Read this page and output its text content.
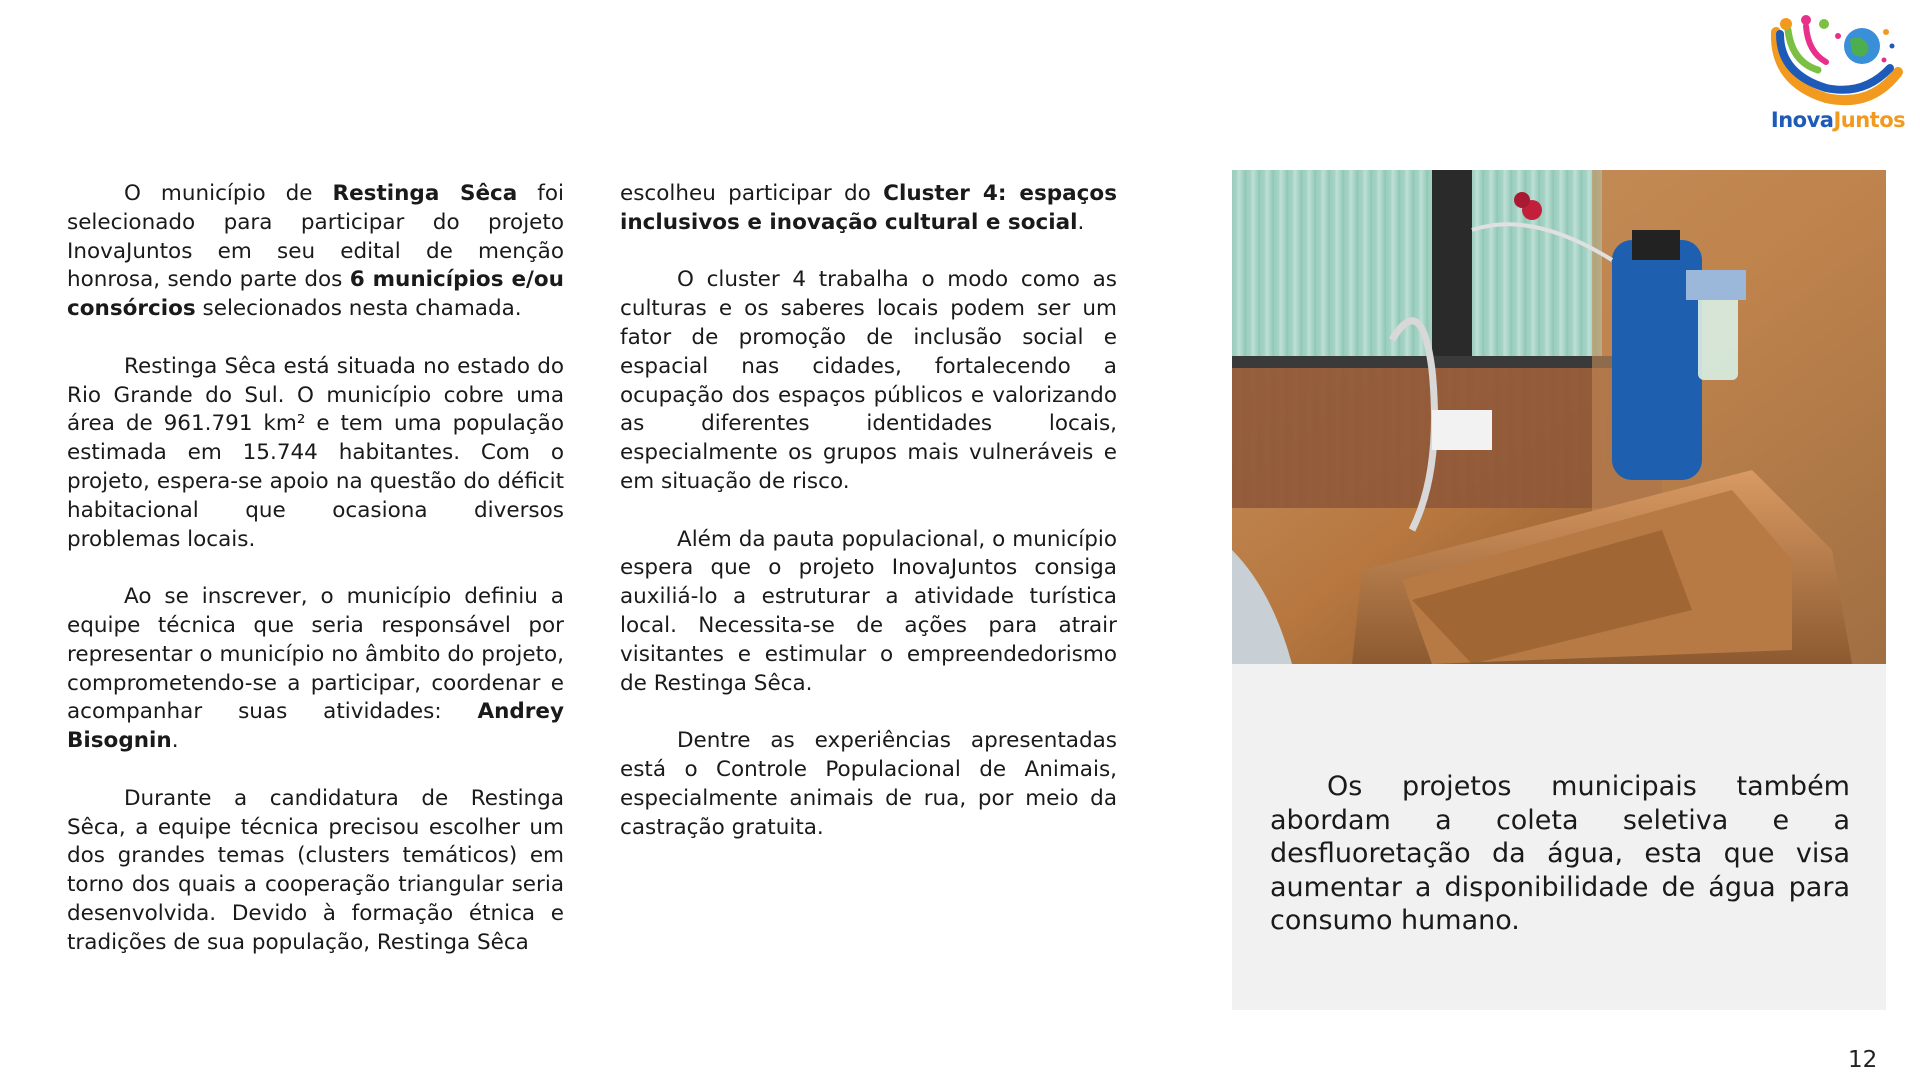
InovaJuntos

O município de Restinga Sêca foi selecionado para participar do projeto InovaJuntos em seu edital de menção honrosa, sendo parte dos 6 municípios e/ou consórcios selecionados nesta chamada.

Restinga Sêca está situada no estado do Rio Grande do Sul. O município cobre uma área de 961.791 km² e tem uma população estimada em 15.744 habitantes. Com o projeto, espera-se apoio na questão do déficit habitacional que ocasiona diversos problemas locais.

Ao se inscrever, o município definiu a equipe técnica que seria responsável por representar o município no âmbito do projeto, comprometendo-se a participar, coordenar e acompanhar suas atividades: Andrey Bisognin.

Durante a candidatura de Restinga Sêca, a equipe técnica precisou escolher um dos grandes temas (clusters temáticos) em torno dos quais a cooperação triangular seria desenvolvida. Devido à formação étnica e tradições de sua população, Restinga Sêca

escolheu participar do Cluster 4: espaços inclusivos e inovação cultural e social.

O cluster 4 trabalha o modo como as culturas e os saberes locais podem ser um fator de promoção de inclusão social e espacial nas cidades, fortalecendo a ocupação dos espaços públicos e valorizando as diferentes identidades locais, especialmente os grupos mais vulneráveis e em situação de risco.

Além da pauta populacional, o município espera que o projeto InovaJuntos consiga auxiliá-lo a estruturar a atividade turística local. Necessita-se de ações para atrair visitantes e estimular o empreendedorismo de Restinga Sêca.

Dentre as experiências apresentadas está o Controle Populacional de Animais, especialmente animais de rua, por meio da castração gratuita.

Os projetos municipais também abordam a coleta seletiva e a desfluoretação da água, esta que visa aumentar a disponibilidade de água para consumo humano.
12
